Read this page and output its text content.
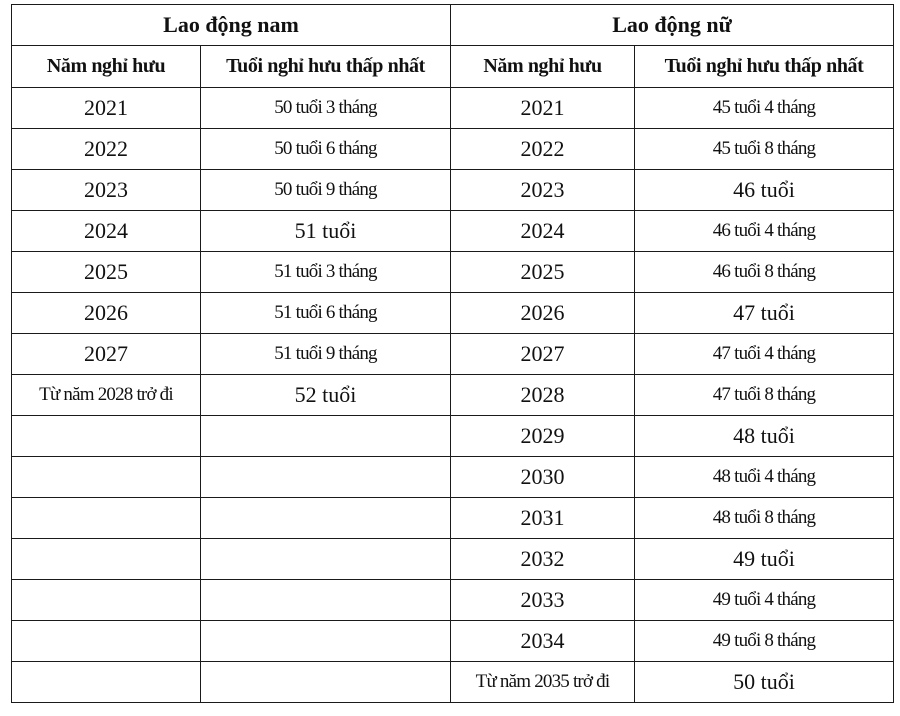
Lao động nam		Lao động nữ	
Năm nghỉ hưu	Tuổi nghỉ hưu thấp nhất	Năm nghỉ hưu	Tuổi nghỉ hưu thấp nhất
2021	50 tuổi 3 tháng	2021	45 tuổi 4 tháng
2022	50 tuổi 6 tháng	2022	45 tuổi 8 tháng
2023	50 tuổi 9 tháng	2023	46 tuổi
2024	51 tuổi	2024	46 tuổi 4 tháng
2025	51 tuổi 3 tháng	2025	46 tuổi 8 tháng
2026	51 tuổi 6 tháng	2026	47 tuổi
2027	51 tuổi 9 tháng	2027	47 tuổi 4 tháng
Từ năm 2028 trở đi	52 tuổi	2028	47 tuổi 8 tháng
		2029	48 tuổi
		2030	48 tuổi 4 tháng
		2031	48 tuổi 8 tháng
		2032	49 tuổi
		2033	49 tuổi 4 tháng
		2034	49 tuổi 8 tháng
		Từ năm 2035 trở đi	50 tuổi
